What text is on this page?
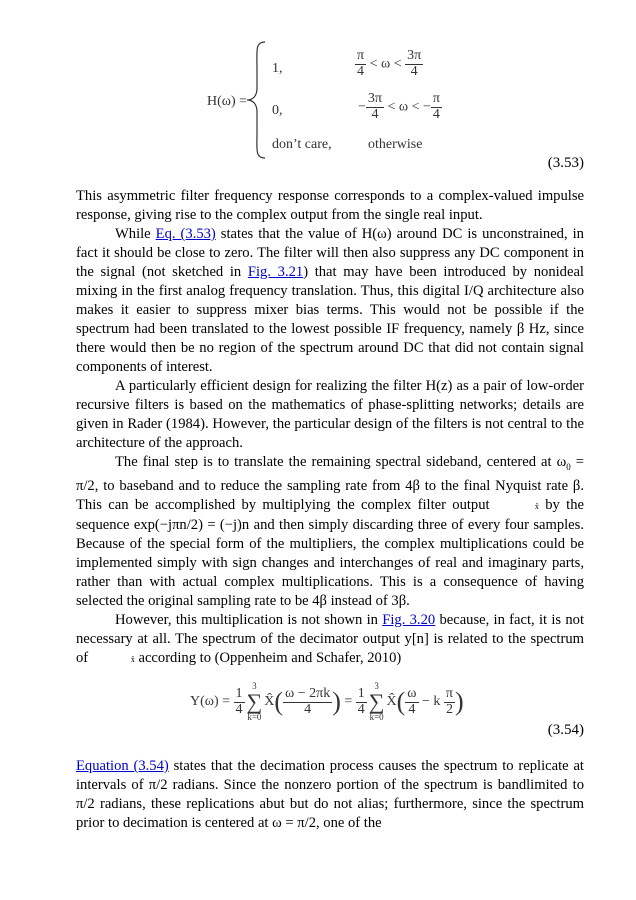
H(ω) =
1,	$\frac{\pi}{4} < \omega < \frac{3\pi}{4}$
0,	− $\frac{3\pi}{4} < \omega$ < − $\frac{\pi}{4}$
don’t care,	otherwise
(3.53)

This asymmetric filter frequency response corresponds to a complex-valued impulse response, giving rise to the complex output from the single real input.

While Eq. (3.53) states that the value of H(ω) around DC is unconstrained, in fact it should be close to zero. The filter will then also suppress any DC component in the signal (not sketched in Fig. 3.21) that may have been introduced by nonideal mixing in the first analog frequency translation. Thus, this digital I/Q architecture also makes it easier to suppress mixer bias terms. This would not be possible if the spectrum had been translated to the lowest possible IF frequency, namely β Hz, since there would then be no region of the spectrum around DC that did not contain signal components of interest.

A particularly efficient design for realizing the filter H(z) as a pair of low-order recursive filters is based on the mathematics of phase-splitting networks; details are given in Rader (1984). However, the particular design of the filters is not central to the architecture of the approach.

The final step is to translate the remaining spectral sideband, centered at $\omega_0 = \pi/2$, to baseband and to reduce the sampling rate from 4β to the final Nyquist rate β. This can be accomplished by multiplying the complex filter output	x̂ by the sequence exp(−jπn/2) = (−j)n and then simply discarding three of every four samples. Because of the special form of the multipliers, the complex multiplications could be implemented simply with sign changes and interchanges of real and imaginary parts, rather than with actual complex multiplications. This is a consequence of having selected the original sampling rate to be 4β instead of 3β.

However, this multiplication is not shown in Fig. 3.20 because, in fact, it is not necessary at all. The spectrum of the decimator output y[n] is related to the spectrum of	x̂ according to (Oppenheim and Schafer, 2010)

Y(ω) =
$\frac{1}{4}$
3
∑
k=0
X̂ ( $\frac{\omega - 2\pi k}{4}$ )
=
$\frac{1}{4}$
3
∑
k=0
X̂ ( $\frac{\omega}{4}$
− k
$\frac{\pi}{2}$ )
(3.54)

Equation (3.54) states that the decimation process causes the spectrum to replicate at intervals of π/2 radians. Since the nonzero portion of the spectrum is bandlimited to π/2 radians, these replications abut but do not alias; furthermore, since the spectrum prior to decimation is centered at ω = π/2, one of the
